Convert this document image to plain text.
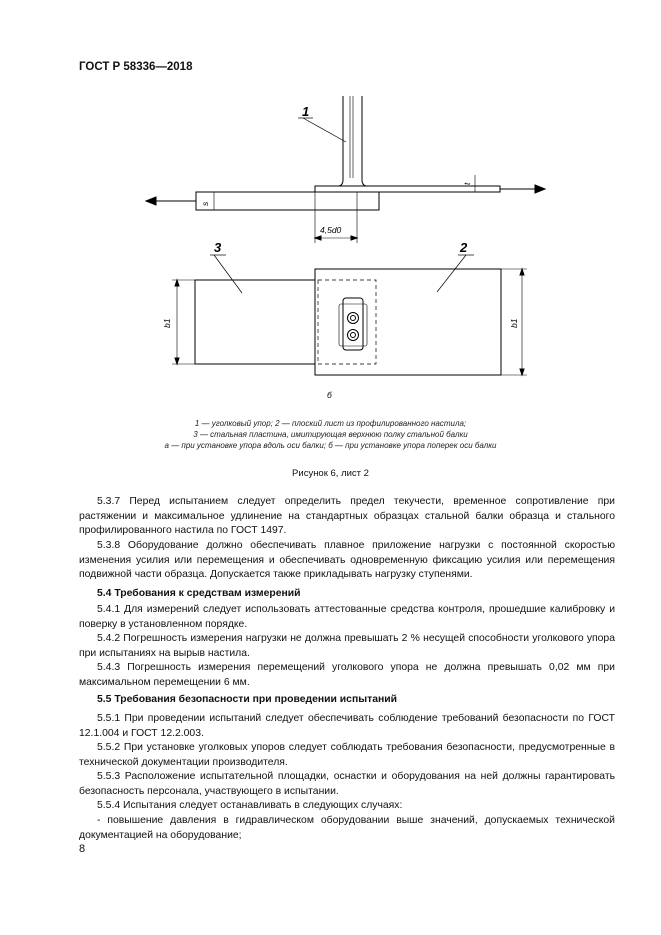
ГОСТ Р 58336—2018
1
3	2
4,5d0
s
t
b1	b1
б
1 — уголковый упор; 2 — плоский лист из профилированного настила;
3 — стальная пластина, имитирующая верхнюю полку стальной балки
а — при установке упора вдоль оси балки; б — при установке упора поперек оси балки
Рисунок 6, лист 2

5.3.7 Перед испытанием следует определить предел текучести, временное сопротивление при растяжении и максимальное удлинение на стандартных образцах стальной балки образца и стального профилированного настила по ГОСТ 1497.

5.3.8 Оборудование должно обеспечивать плавное приложение нагрузки с постоянной скоростью изменения усилия или перемещения и обеспечивать одновременную фиксацию усилия или перемещения подвижной части образца. Допускается также прикладывать нагрузку ступенями.

5.4 Требования к средствам измерений

5.4.1 Для измерений следует использовать аттестованные средства контроля, прошедшие калибровку и поверку в установленном порядке.

5.4.2 Погрешность измерения нагрузки не должна превышать 2 % несущей способности уголкового упора при испытаниях на вырыв настила.

5.4.3 Погрешность измерения перемещений уголкового упора не должна превышать 0,02 мм при максимальном перемещении 6 мм.

5.5 Требования безопасности при проведении испытаний

5.5.1 При проведении испытаний следует обеспечивать соблюдение требований безопасности по ГОСТ 12.1.004 и ГОСТ 12.2.003.

5.5.2 При установке уголковых упоров следует соблюдать требования безопасности, предусмотренные в технической документации производителя.

5.5.3 Расположение испытательной площадки, оснастки и оборудования на ней должны гарантировать безопасность персонала, участвующего в испытании.

5.5.4 Испытания следует останавливать в следующих случаях:

- повышение давления в гидравлическом оборудовании выше значений, допускаемых технической документацией на оборудование;

8
